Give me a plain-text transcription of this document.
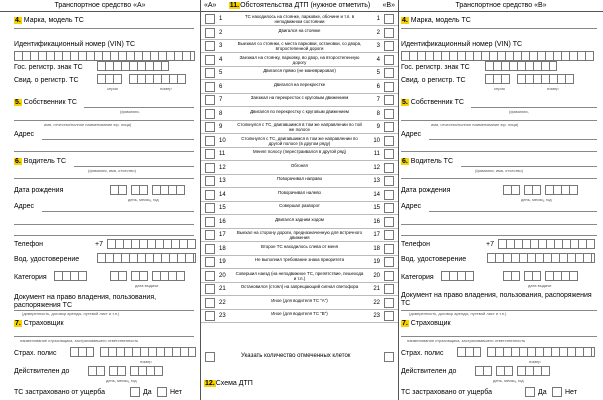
Транспортное средство «А»
4. Марка, модель ТС
Идентификационный номер (VIN) ТС
Гос. регистр. знак ТС
Свид. о регистр. ТС
серия	номер
5. Собственник ТС
(фамилия,
имя, отчество/полное наименование юр. лица)
Адрес
6. Водитель ТС
(фамилия, имя, отчество)
Дата рождения
день, месяц, год
Адрес
Телефон	+7
Вод. удостоверение
Категория
дата выдачи
Документ на право владения, пользования, распоряжения ТС
(доверенность, договор аренды, путевой лист и т.п.)
7. Страховщик
наименование страховщика, застраховавшего ответственность
Страх. полис
номер
Действителен до
день, месяц, год
ТС застраховано от ущерба	Да	Нет
«А» 11.Обстоятельства ДТП (нужное отметить) «В»
1	ТС находилось на стоянке, парковке, обочине и т.п. в неподвижном состоянии	1
2	Двигался на стоянке	2
3	Выезжал со стоянки, с места парковки, остановки, со двора, второстепенной дороги	3
4	Заезжал на стоянку, парковку, во двор, на второстепенную дорогу	4
5	Двигался прямо (не маневрировал)	5
6	Двигался на перекрестке	6
7	Заезжал на перекресток с круговым движением	7
8	Двигался по перекрестку с круговым движением	8
9	Столкнулся с ТС, двигавшимся в том же направлении по той же полосе	9
10	Столкнулся с ТС, двигавшимся в том же направлении по другой полосе (в другом ряду)	10
11	Менял полосу (перестраивался в другой ряд)	11
12	Обгонял	12
13	Поворачивал направо	13
14	Поворачивал налево	14
15	Совершал разворот	15
16	Двигался задним ходом	16
17	Выехал на сторону дороги, предназначенную для встречного движения	17
18	Второе ТС находилось слева от меня	18
19	Не выполнил требование знака приоритета	19
20 Совершил наезд (на неподвижное ТС, препятствие, пешехода и т.п.)	20
21	Остановился (стоял) на запрещающий сигнал светофора	21
22	Иное (для водителя ТС "А")	22
23	Иное (для водителя ТС "В")	23
Указать количество отмеченных клеток
12.Схема ДТП
Транспортное средство «В»
4. Марка, модель ТС
Идентификационный номер (VIN) ТС
Гос. регистр. знак ТС
Свид. о регистр. ТС
серия	номер
5. Собственник ТС
(фамилия,
имя, отчество/полное наименование юр. лица)
Адрес
6. Водитель ТС
(фамилия, имя, отчество)
Дата рождения
день, месяц, год
Адрес
Телефон	+7
Вод. удостоверение
Категория
дата выдачи
Документ на право владения, пользования, распоряжения ТС
(доверенность, договор аренды, путевой лист и т.п.)
7. Страховщик
наименование страховщика, застраховавшего ответственность
Страх. полис
номер
Действителен до
день, месяц, год
ТС застраховано от ущерба	Да	Нет
